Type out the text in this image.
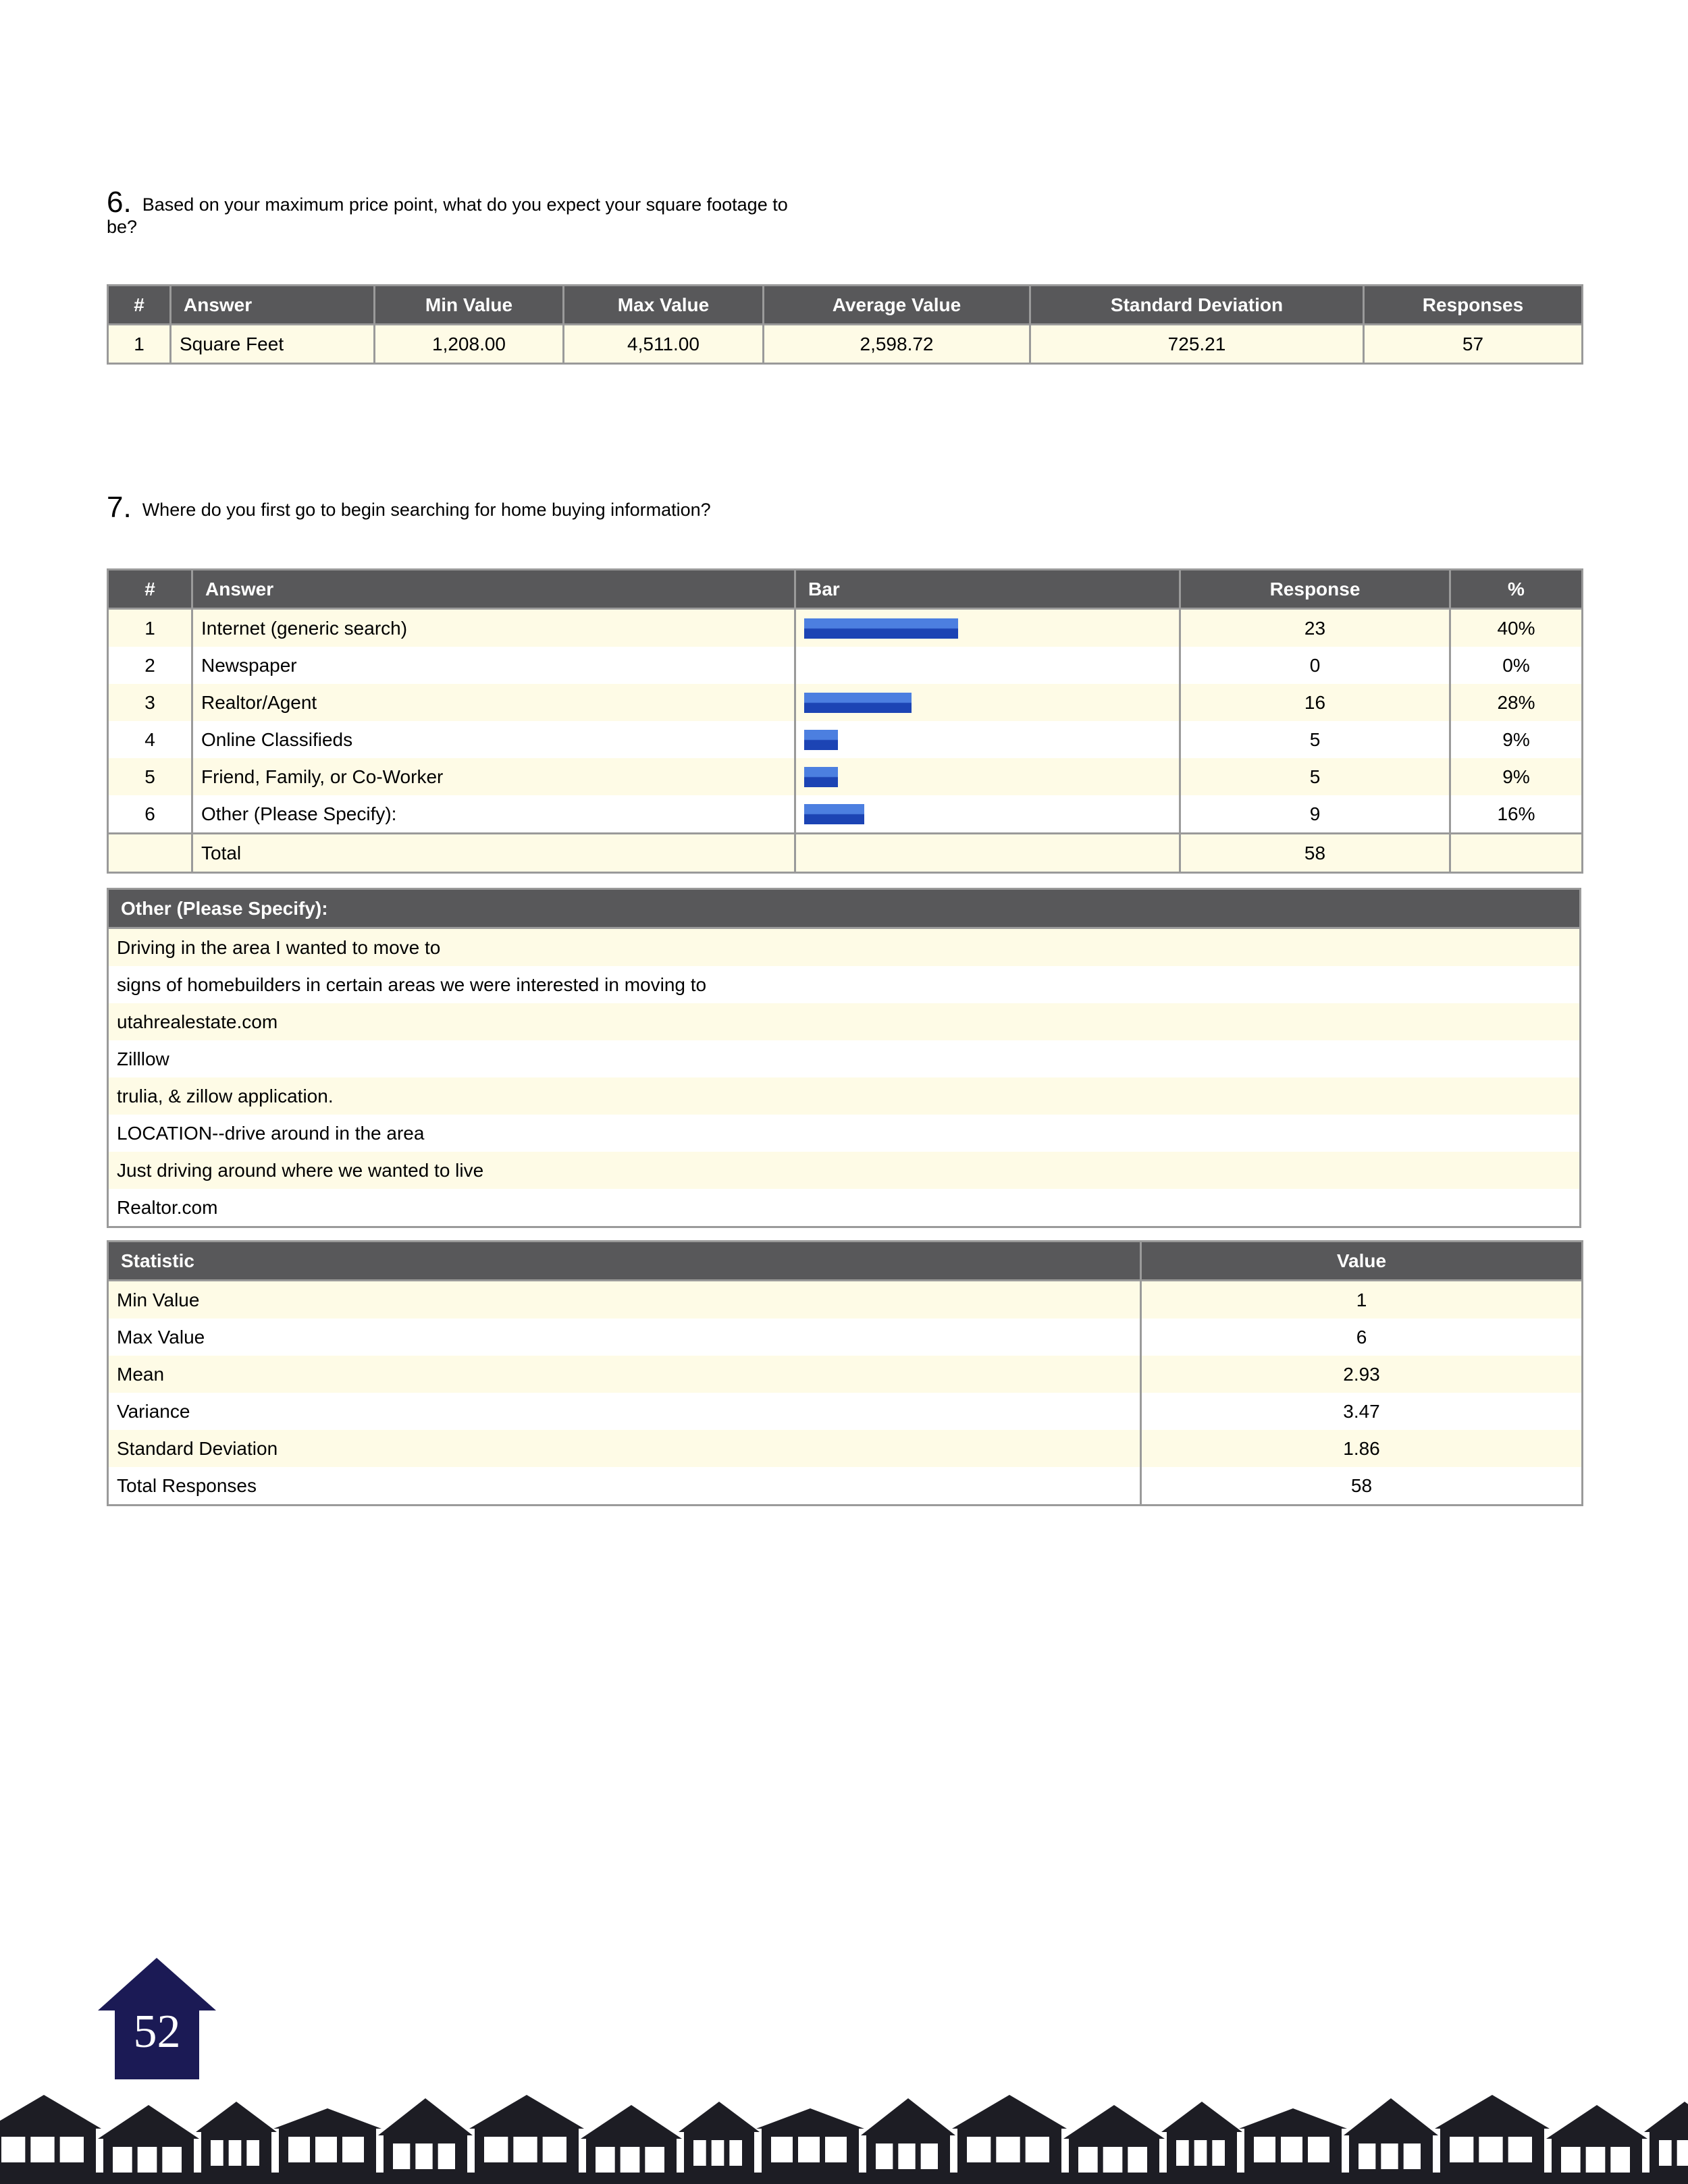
6. Based on your maximum price point, what do you expect your square footage to be?
#	Answer	Min Value	Max Value	Average Value	Standard Deviation	Responses
1	Square Feet	1,208.00	4,511.00	2,598.72	725.21	57
7. Where do you first go to begin searching for home buying information?
#	Answer	Bar	Response	%
1	Internet (generic search)		23	40%
2	Newspaper		0	0%
3	Realtor/Agent		16	28%
4	Online Classifieds		5	9%
5	Friend, Family, or Co-Worker		5	9%
6	Other (Please Specify):		9	16%
	Total		58	
Other (Please Specify):
Driving in the area I wanted to move to
signs of homebuilders in certain areas we were interested in moving to
utahrealestate.com
Zilllow
trulia, & zillow application.
LOCATION--drive around in the area
Just driving around where we wanted to live
Realtor.com
Statistic	Value
Min Value	1
Max Value	6
Mean	2.93
Variance	3.47
Standard Deviation	1.86
Total Responses	58
52
